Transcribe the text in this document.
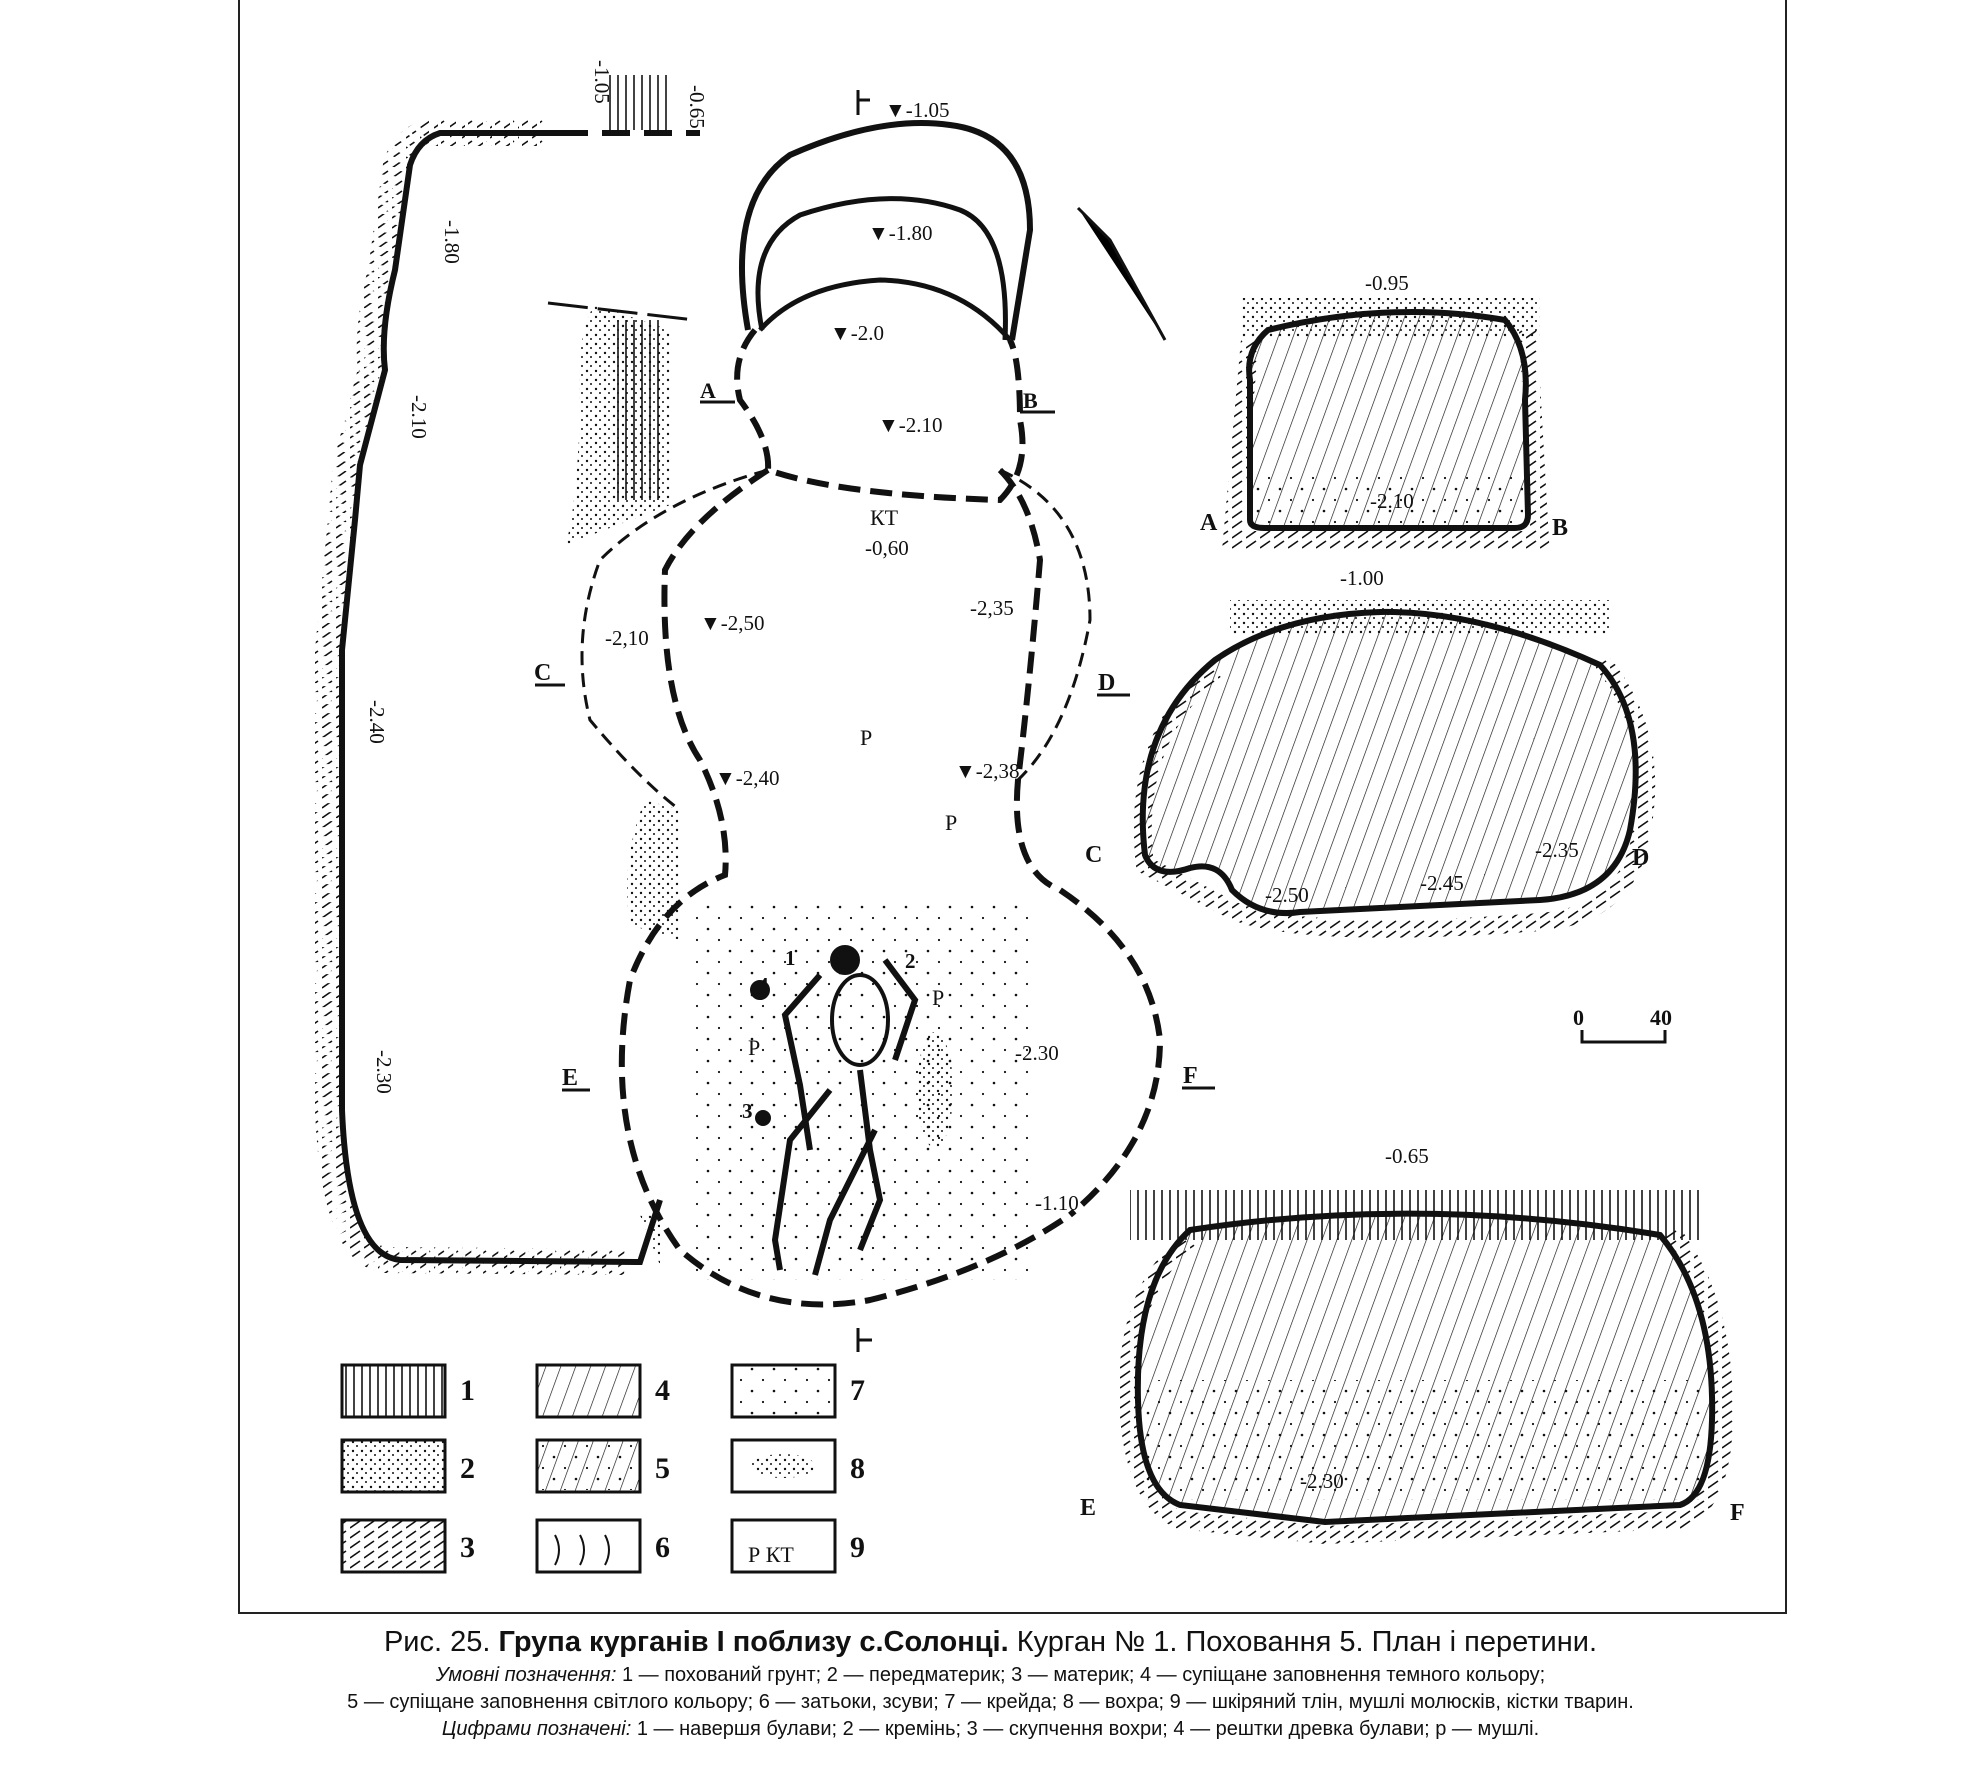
A	B
C	D
E	F
-1.05
-0.65	▼-1.05
▼-1.80
▼-2.0
▼-2.10
-1.80
-2.10
-2.40
-2.30
-2,10
▼-2,50
▼-2,40
-2,35
▼-2,38
-2.30
-1.10
-0,60
КТ
P
P
P
Р
1	2
3
4
A	B
-0.95
-2.10
C	D
-1.00
-2.50	-2.45
-2.35
0	40
E	F
-0.65
-2.30
1
2
3
4
5
6
7
8
Р КТ 9
Рис. 25. Група курганів І поблизу с.Солонці. Курган № 1. Поховання 5. План і перетини.
Умовні позначення: 1 — похований грунт; 2 — передматерик; 3 — материк; 4 — супіщане заповнення темного кольору;
5 — супіщане заповнення світлого кольору; 6 — затьоки, зсуви; 7 — крейда; 8 — вохра; 9 — шкіряний тлін, мушлі молюсків, кістки тварин.
Цифрами позначені: 1 — навершя булави; 2 — кремінь; 3 — скупчення вохри; 4 — рештки древка булави; р — мушлі.
